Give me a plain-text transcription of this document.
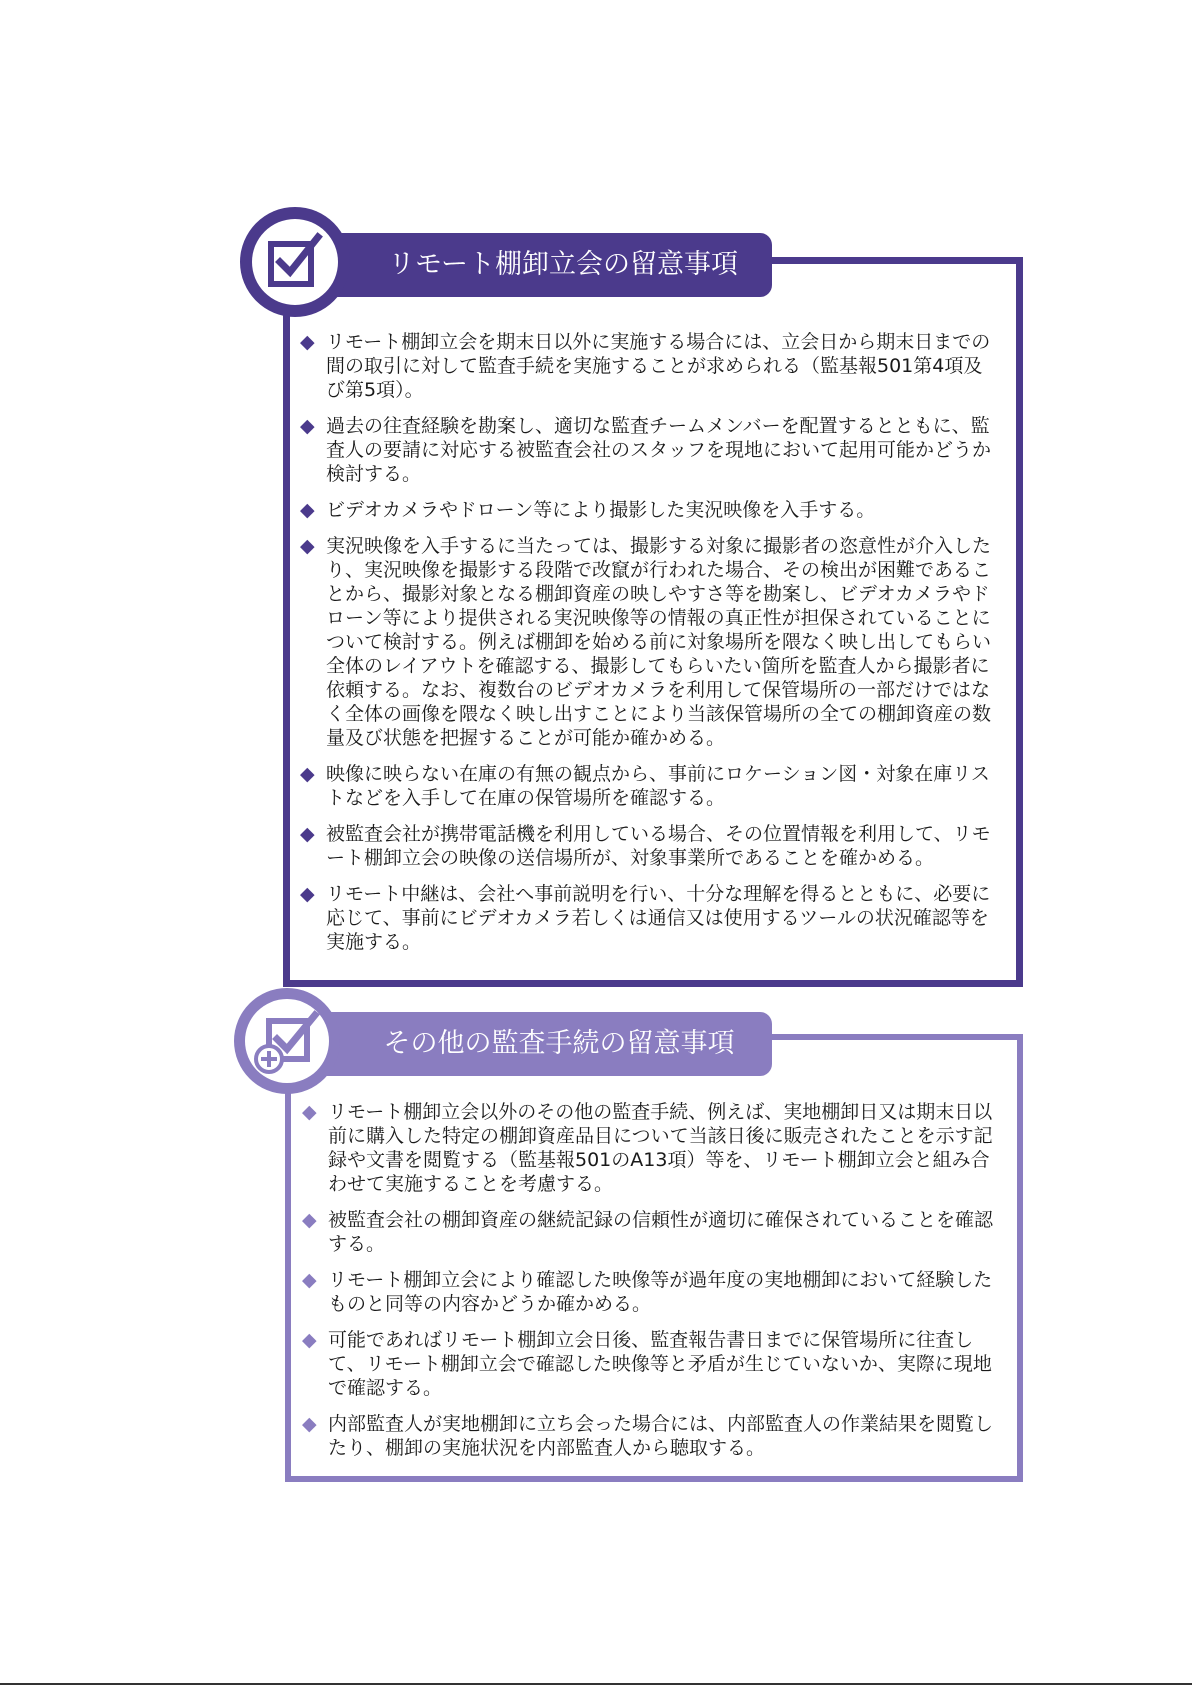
リモート棚卸立会の留意事項
◆ リモート棚卸立会を期末日以外に実施する場合には、立会日から期末日までの間の取引に対して監査手続を実施することが求められる（監基報501第4項及び第5項）。
◆ 過去の往査経験を勘案し、適切な監査チームメンバーを配置するとともに、監査人の要請に対応する被監査会社のスタッフを現地において起用可能かどうか検討する。
◆ ビデオカメラやドローン等により撮影した実況映像を入手する。
◆ 実況映像を入手するに当たっては、撮影する対象に撮影者の恣意性が介入したり、実況映像を撮影する段階で改竄が行われた場合、その検出が困難であることから、撮影対象となる棚卸資産の映しやすさ等を勘案し、ビデオカメラやドローン等により提供される実況映像等の情報の真正性が担保されていることについて検討する。例えば棚卸を始める前に対象場所を隈なく映し出してもらい全体のレイアウトを確認する、撮影してもらいたい箇所を監査人から撮影者に依頼する。なお、複数台のビデオカメラを利用して保管場所の一部だけではなく全体の画像を隈なく映し出すことにより当該保管場所の全ての棚卸資産の数量及び状態を把握することが可能か確かめる。
◆ 映像に映らない在庫の有無の観点から、事前にロケーション図・対象在庫リストなどを入手して在庫の保管場所を確認する。
◆ 被監査会社が携帯電話機を利用している場合、その位置情報を利用して、リモート棚卸立会の映像の送信場所が、対象事業所であることを確かめる。
◆ リモート中継は、会社へ事前説明を行い、十分な理解を得るとともに、必要に応じて、事前にビデオカメラ若しくは通信又は使用するツールの状況確認等を実施する。
その他の監査手続の留意事項
◆ リモート棚卸立会以外のその他の監査手続、例えば、実地棚卸日又は期末日以前に購入した特定の棚卸資産品目について当該日後に販売されたことを示す記録や文書を閲覧する（監基報501のA13項）等を、リモート棚卸立会と組み合わせて実施することを考慮する。
◆ 被監査会社の棚卸資産の継続記録の信頼性が適切に確保されていることを確認する。
◆ リモート棚卸立会により確認した映像等が過年度の実地棚卸において経験したものと同等の内容かどうか確かめる。
◆ 可能であればリモート棚卸立会日後、監査報告書日までに保管場所に往査して、リモート棚卸立会で確認した映像等と矛盾が生じていないか、実際に現地で確認する。
◆ 内部監査人が実地棚卸に立ち会った場合には、内部監査人の作業結果を閲覧したり、棚卸の実施状況を内部監査人から聴取する。
